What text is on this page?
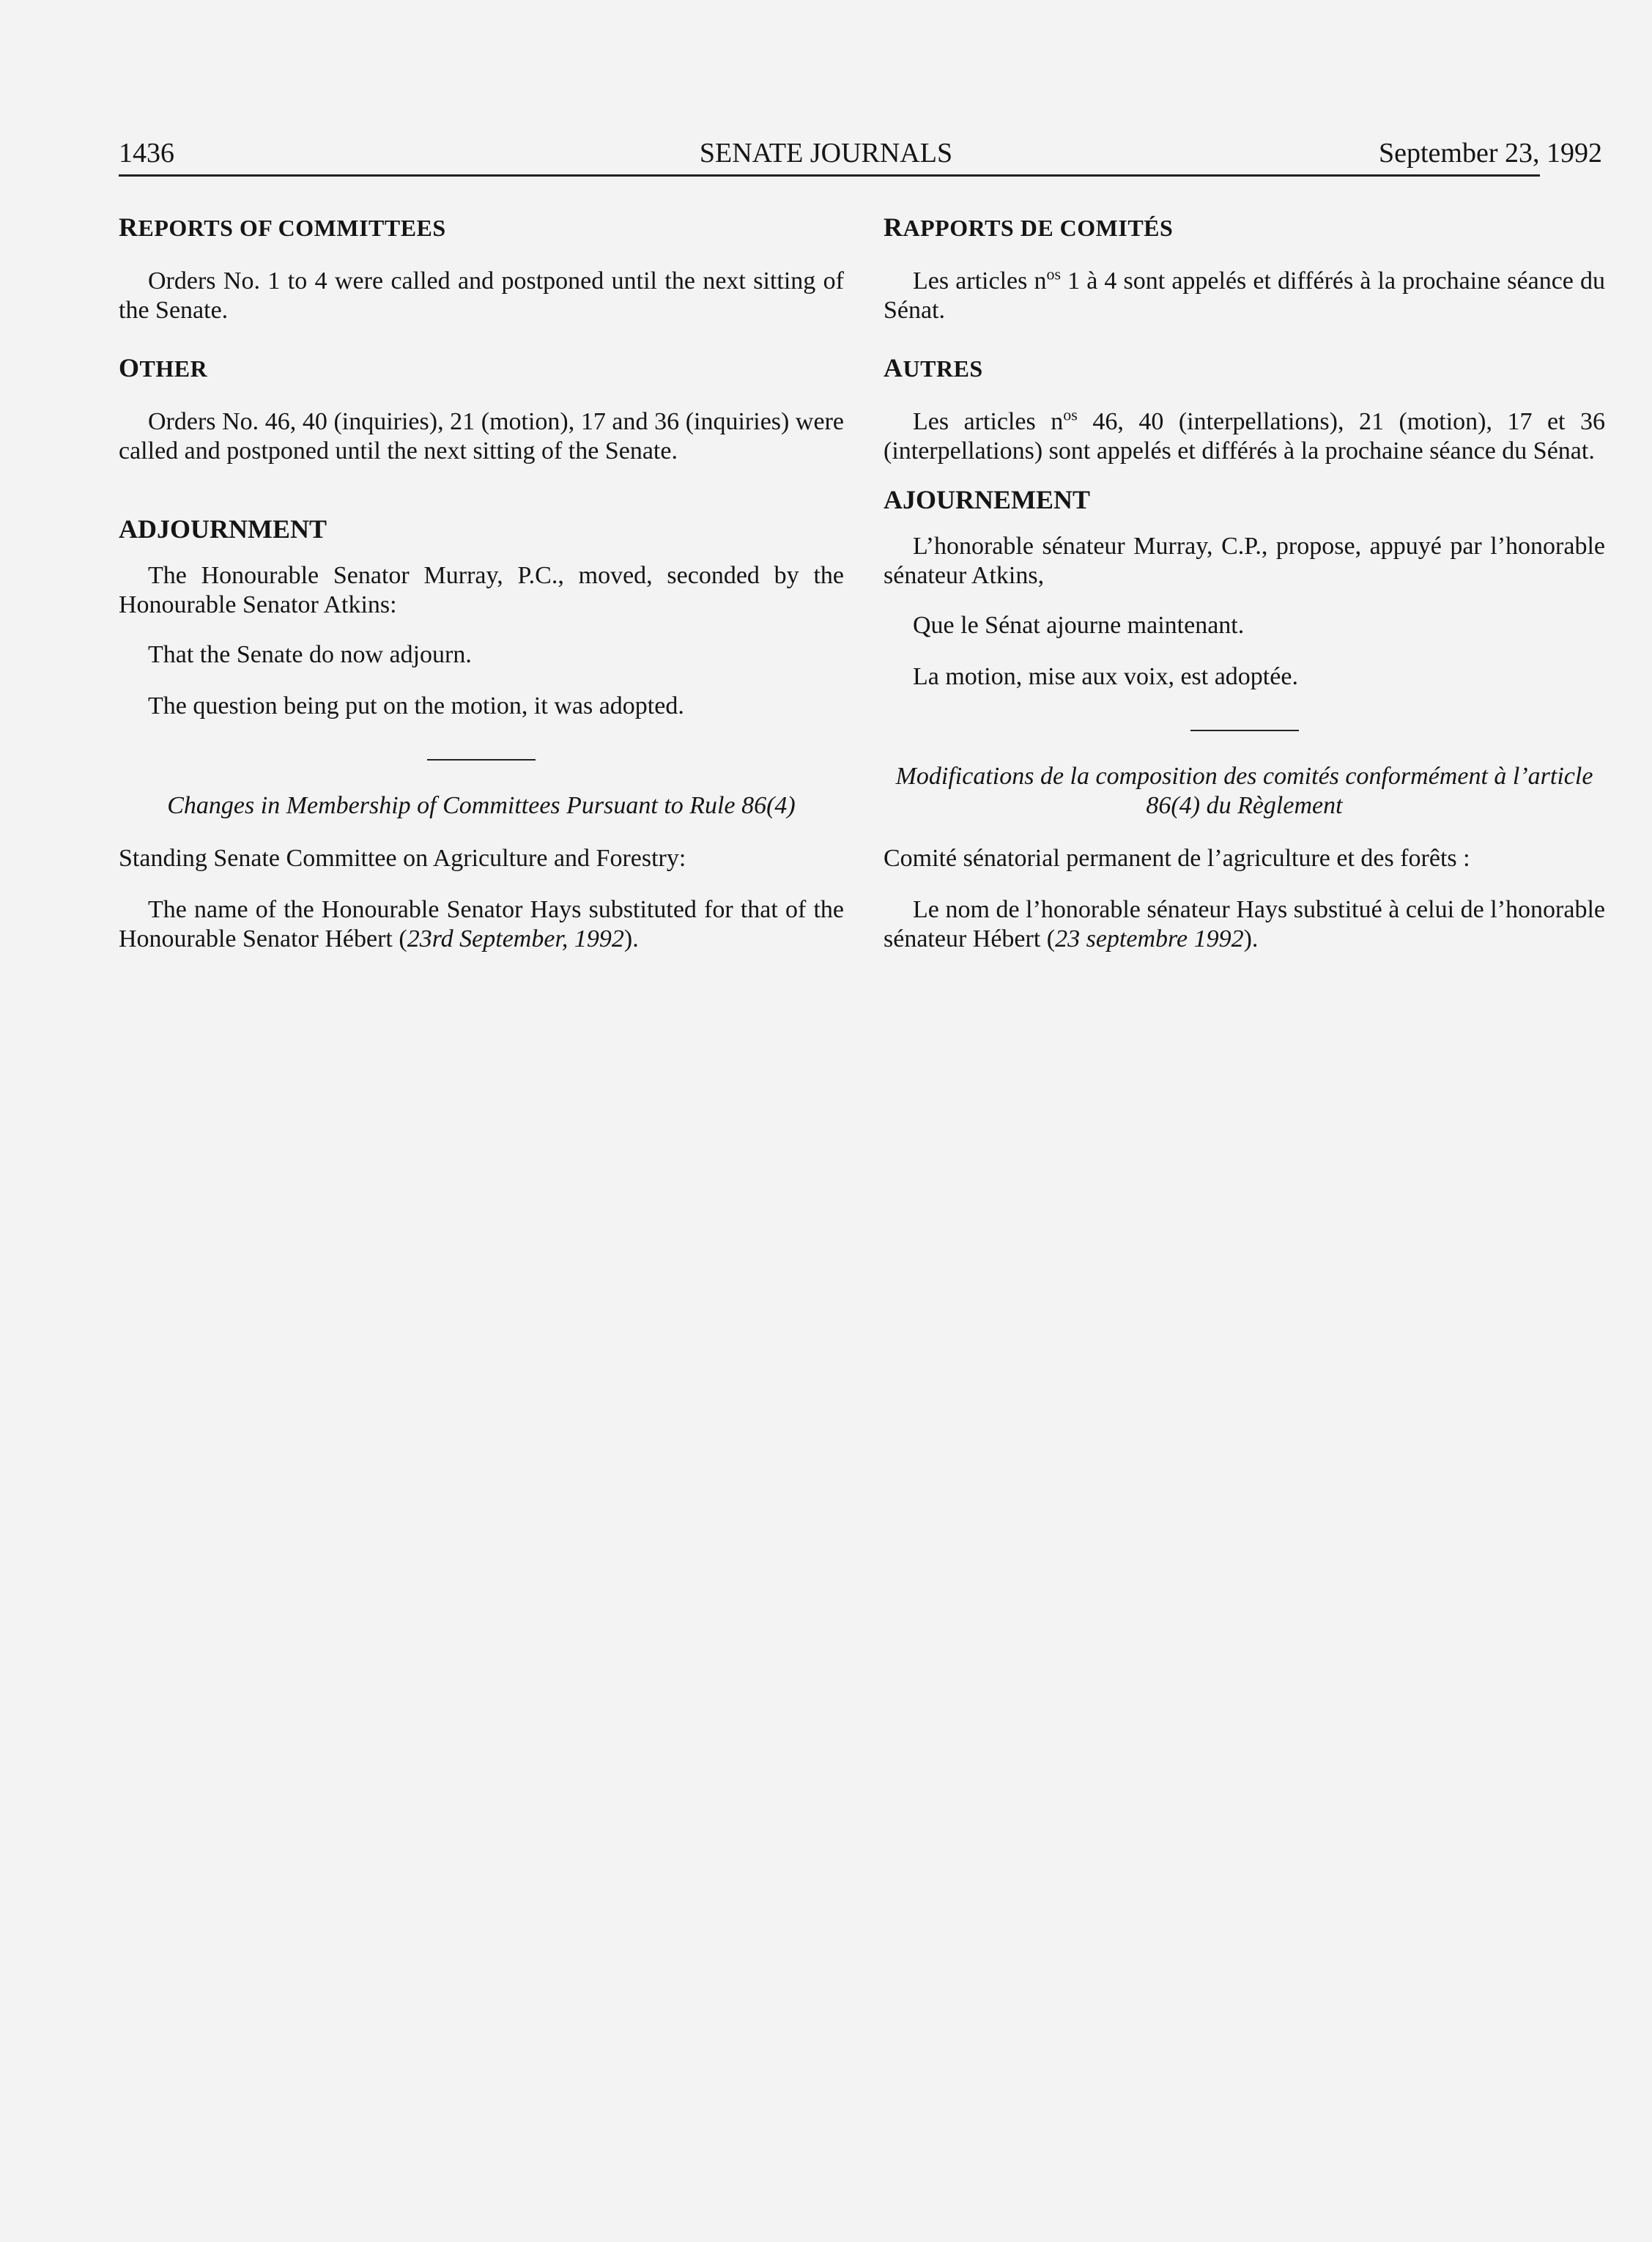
1436	SENATE JOURNALS	September 23, 1992
REPORTS OF COMMITTEES

Orders No. 1 to 4 were called and postponed until the next sitting of the Senate.

OTHER

Orders No. 46, 40 (inquiries), 21 (motion), 17 and 36 (inquiries) were called and postponed until the next sitting of the Senate.

ADJOURNMENT

The Honourable Senator Murray, P.C., moved, seconded by the Honourable Senator Atkins:

That the Senate do now adjourn.

The question being put on the motion, it was adopted.

Changes in Membership of Committees Pursuant to Rule 86(4)

Standing Senate Committee on Agriculture and Forestry:

The name of the Honourable Senator Hays substituted for that of the Honourable Senator Hébert (23rd September, 1992).

RAPPORTS DE COMITÉS

Les articles $n^{os}$ 1 à 4 sont appelés et différés à la prochaine séance du Sénat.

AUTRES

Les articles $n^{os}$ 46, 40 (interpellations), 21 (motion), 17 et 36 (interpellations) sont appelés et différés à la prochaine séance du Sénat.

AJOURNEMENT

L’honorable sénateur Murray, C.P., propose, appuyé par l’honorable sénateur Atkins,

Que le Sénat ajourne maintenant.

La motion, mise aux voix, est adoptée.

Modifications de la composition des comités conformément à l’article 86(4) du Règlement

Comité sénatorial permanent de l’agriculture et des forêts :

Le nom de l’honorable sénateur Hays substitué à celui de l’honorable sénateur Hébert (23 septembre 1992).
